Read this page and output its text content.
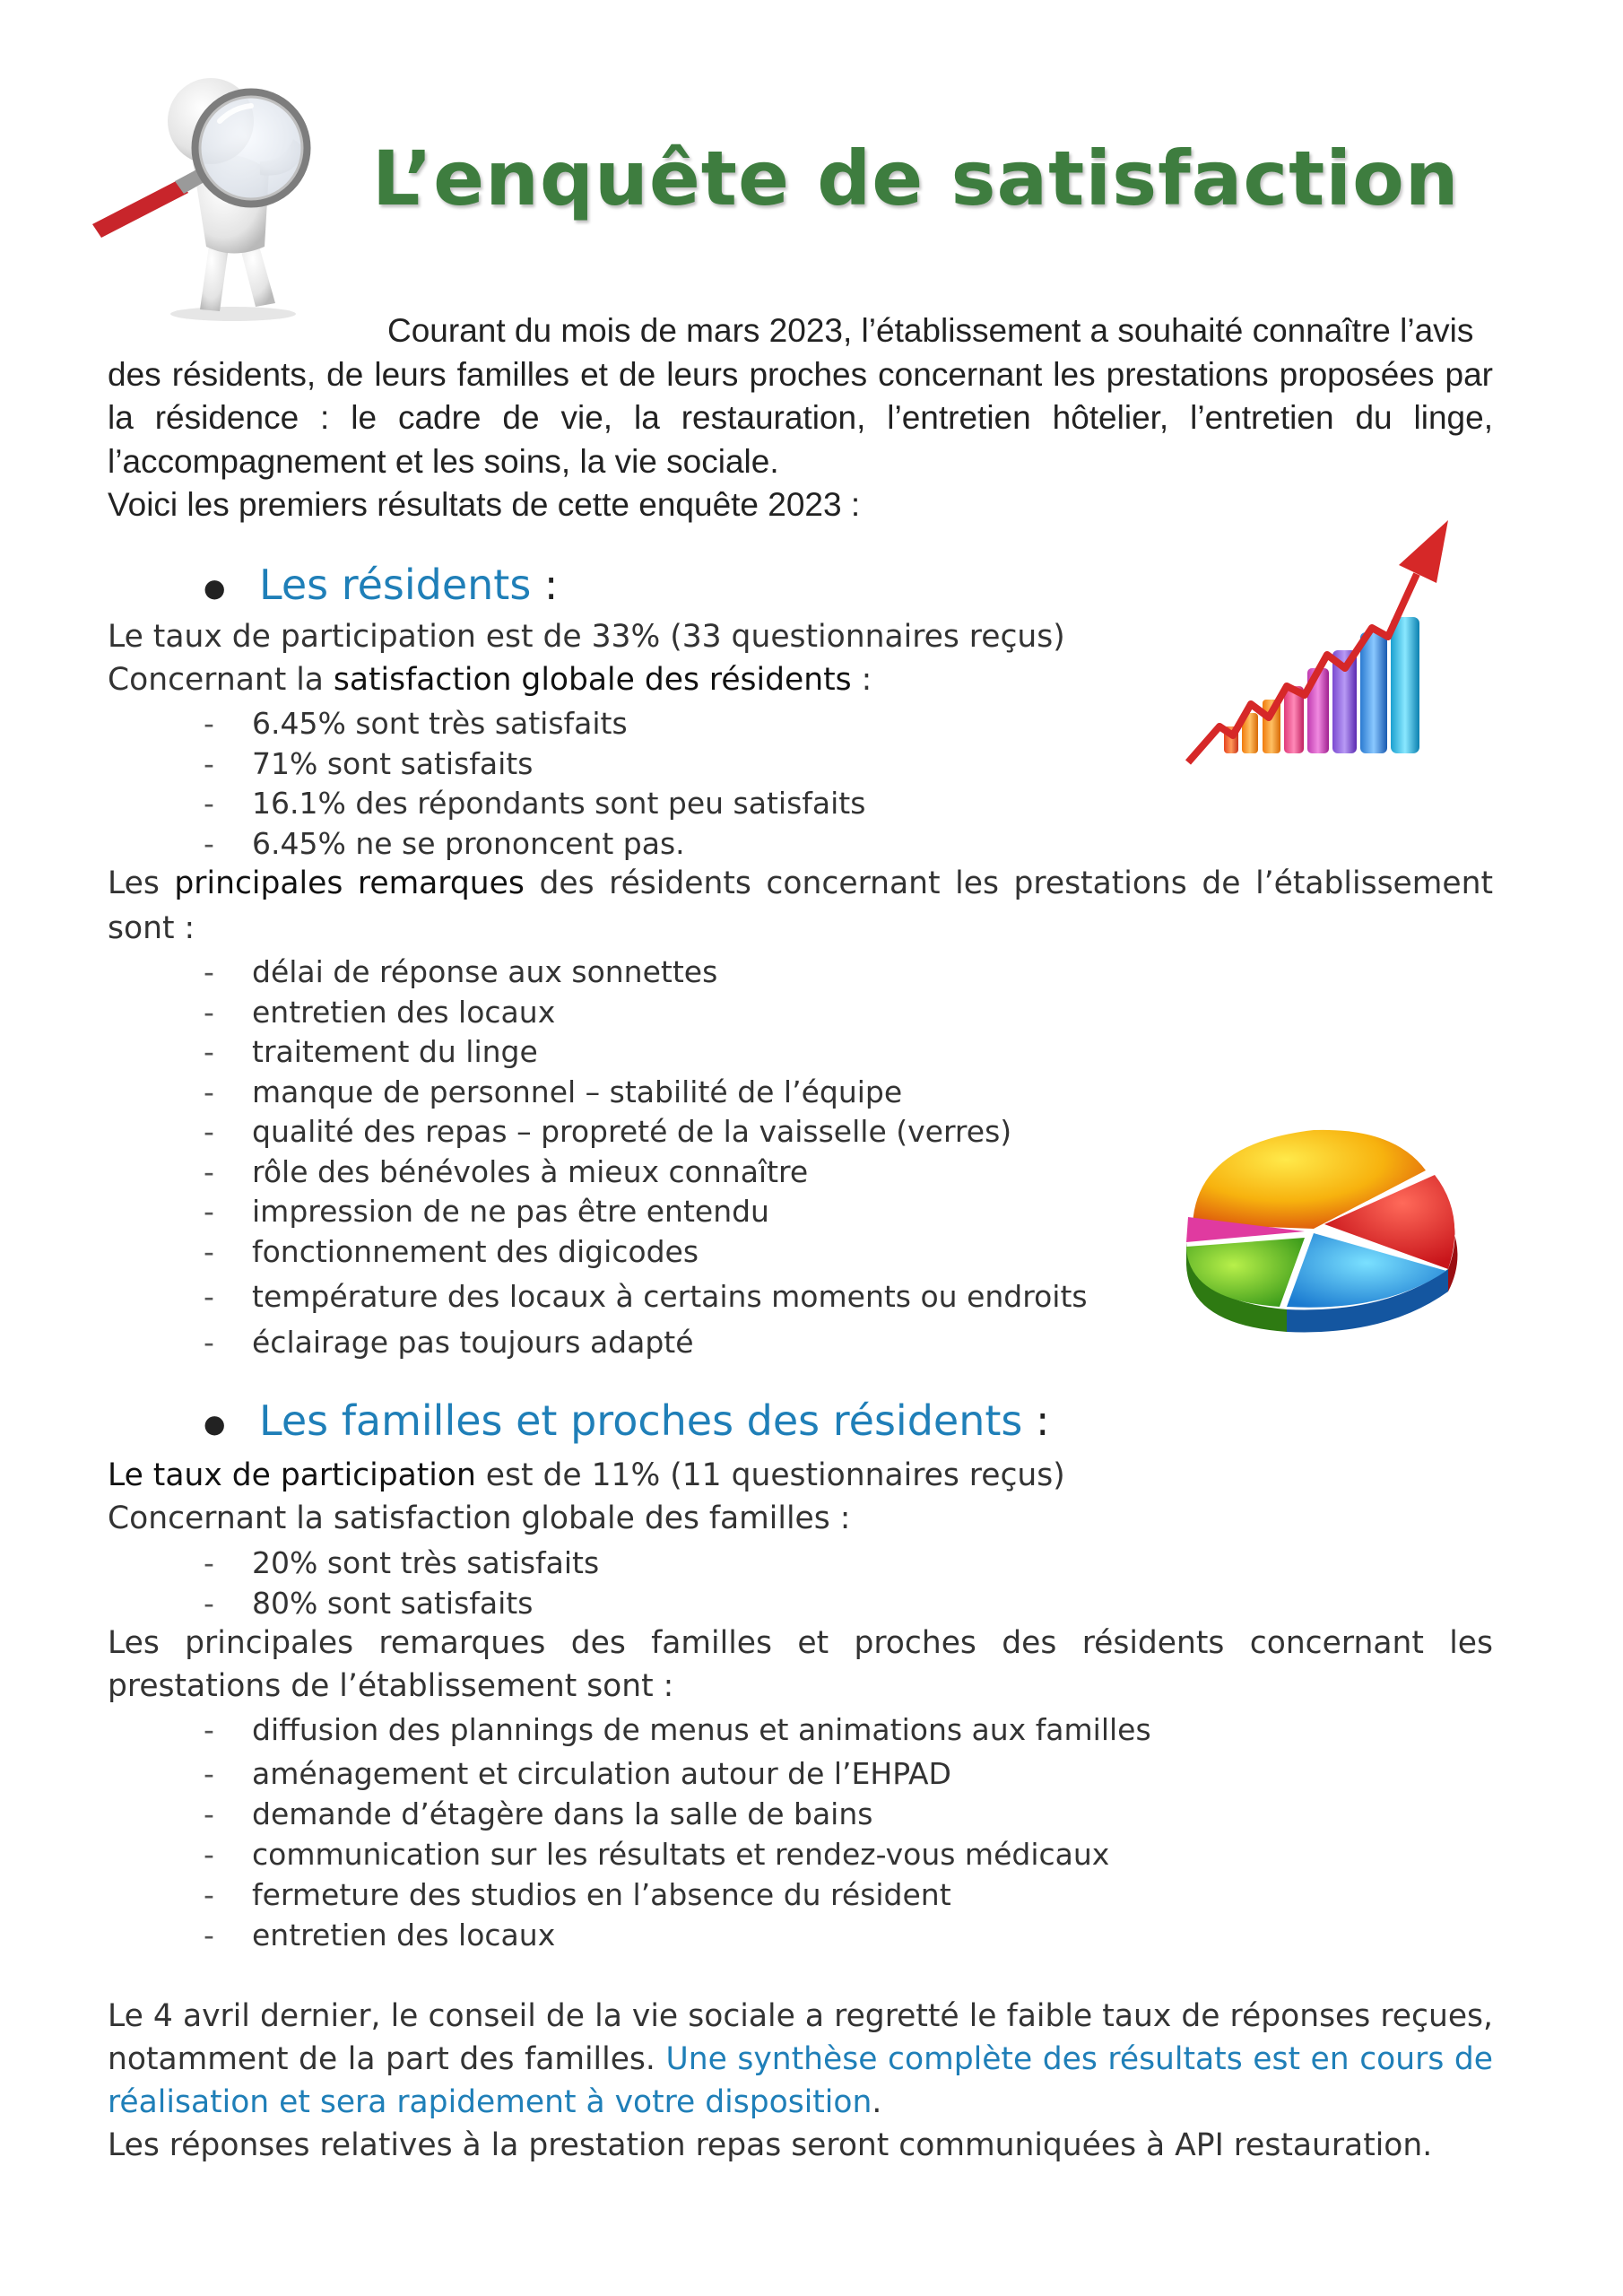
L’enquête de satisfaction

Courant du mois de mars 2023, l’établissement a souhaité connaître l’avis

des résidents, de leurs familles et de leurs proches concernant les prestations proposées par la résidence : le cadre de vie, la restauration, l’entretien hôtelier, l’entretien du linge, l’accompagnement et les soins, la vie sociale.

Voici les premiers résultats de cette enquête 2023 :

● Les résidents :
Le taux de participation est de 33% (33 questionnaires reçus)
Concernant la satisfaction globale des résidents :
- 6.45% sont très satisfaits
- 71% sont satisfaits
- 16.1% des répondants sont peu satisfaits
- 6.45% ne se prononcent pas.
Les principales remarques des résidents concernant les prestations de l’établissement
sont :
- délai de réponse aux sonnettes
- entretien des locaux
- traitement du linge
- manque de personnel – stabilité de l’équipe
- qualité des repas – propreté de la vaisselle (verres)
- rôle des bénévoles à mieux connaître
- impression de ne pas être entendu
- fonctionnement des digicodes
- température des locaux à certains moments ou endroits
- éclairage pas toujours adapté
● Les familles et proches des résidents :
Le taux de participation est de 11% (11 questionnaires reçus)
Concernant la satisfaction globale des familles :
- 20% sont très satisfaits
- 80% sont satisfaits
Les principales remarques des familles et proches des résidents concernant les
prestations de l’établissement sont :
- diffusion des plannings de menus et animations aux familles
- aménagement et circulation autour de l’EHPAD
- demande d’étagère dans la salle de bains
- communication sur les résultats et rendez-vous médicaux
- fermeture des studios en l’absence du résident
- entretien des locaux
Le 4 avril dernier, le conseil de la vie sociale a regretté le faible taux de réponses reçues,
notamment de la part des familles. Une synthèse complète des résultats est en cours de
réalisation et sera rapidement à votre disposition.
Les réponses relatives à la prestation repas seront communiquées à API restauration.
